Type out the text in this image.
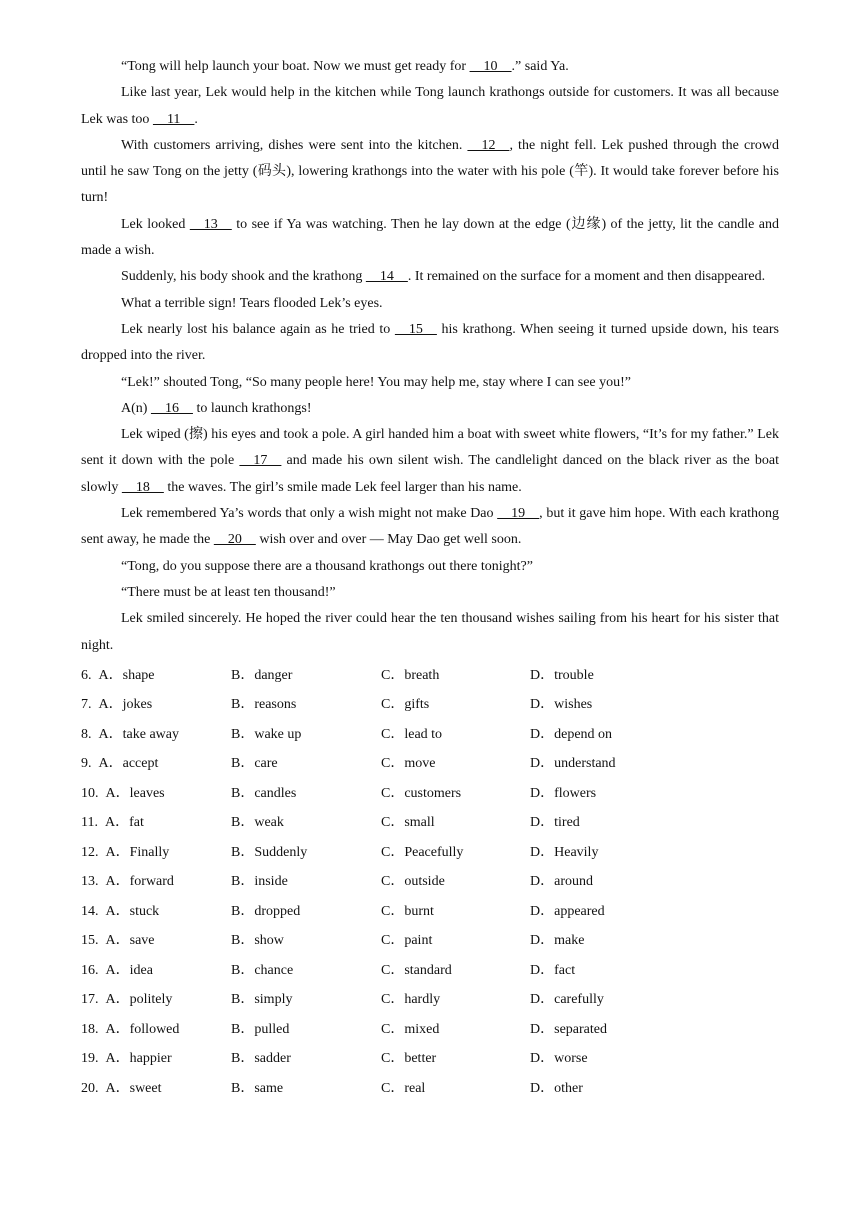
“Tong will help launch your boat. Now we must get ready for   10  .” said Ya.

Like last year, Lek would help in the kitchen while Tong launch krathongs outside for customers. It was all because Lek was too   11  .

With customers arriving, dishes were sent into the kitchen.   12  , the night fell. Lek pushed through the crowd until he saw Tong on the jetty (码头), lowering krathongs into the water with his pole (竿). It would take forever before his turn!

Lek looked   13   to see if Ya was watching. Then he lay down at the edge (边缘) of the jetty, lit the candle and made a wish.

Suddenly, his body shook and the krathong   14  . It remained on the surface for a moment and then disappeared.

What a terrible sign! Tears flooded Lek’s eyes.

Lek nearly lost his balance again as he tried to   15   his krathong. When seeing it turned upside down, his tears dropped into the river.

“Lek!” shouted Tong, “So many people here! You may help me, stay where I can see you!”

A(n)   16   to launch krathongs!

Lek wiped (擦) his eyes and took a pole. A girl handed him a boat with sweet white flowers, “It’s for my father.” Lek sent it down with the pole   17   and made his own silent wish. The candlelight danced on the black river as the boat slowly   18   the waves. The girl’s smile made Lek feel larger than his name.

Lek remembered Ya’s words that only a wish might not make Dao   19  , but it gave him hope. With each krathong sent away, he made the   20   wish over and over — May Dao get well soon.

“Tong, do you suppose there are a thousand krathongs out there tonight?”

“There must be at least ten thousand!”

Lek smiled sincerely. He hoped the river could hear the ten thousand wishes sailing from his heart for his sister that night.

6. A．shape	B．danger	C．breath	D．trouble
7. A．jokes	B．reasons	C．gifts	D．wishes
8. A．take away	B．wake up	C．lead to	D．depend on
9. A．accept	B．care	C．move	D．understand
10. A．leaves	B．candles	C．customers	D．flowers
11. A．fat	B．weak	C．small	D．tired
12. A．Finally	B．Suddenly	C．Peacefully	D．Heavily
13. A．forward	B．inside	C．outside	D．around
14. A．stuck	B．dropped	C．burnt	D．appeared
15. A．save	B．show	C．paint	D．make
16. A．idea	B．chance	C．standard	D．fact
17. A．politely	B．simply	C．hardly	D．carefully
18. A．followed	B．pulled	C．mixed	D．separated
19. A．happier	B．sadder	C．better	D．worse
20. A．sweet	B．same	C．real	D．other
